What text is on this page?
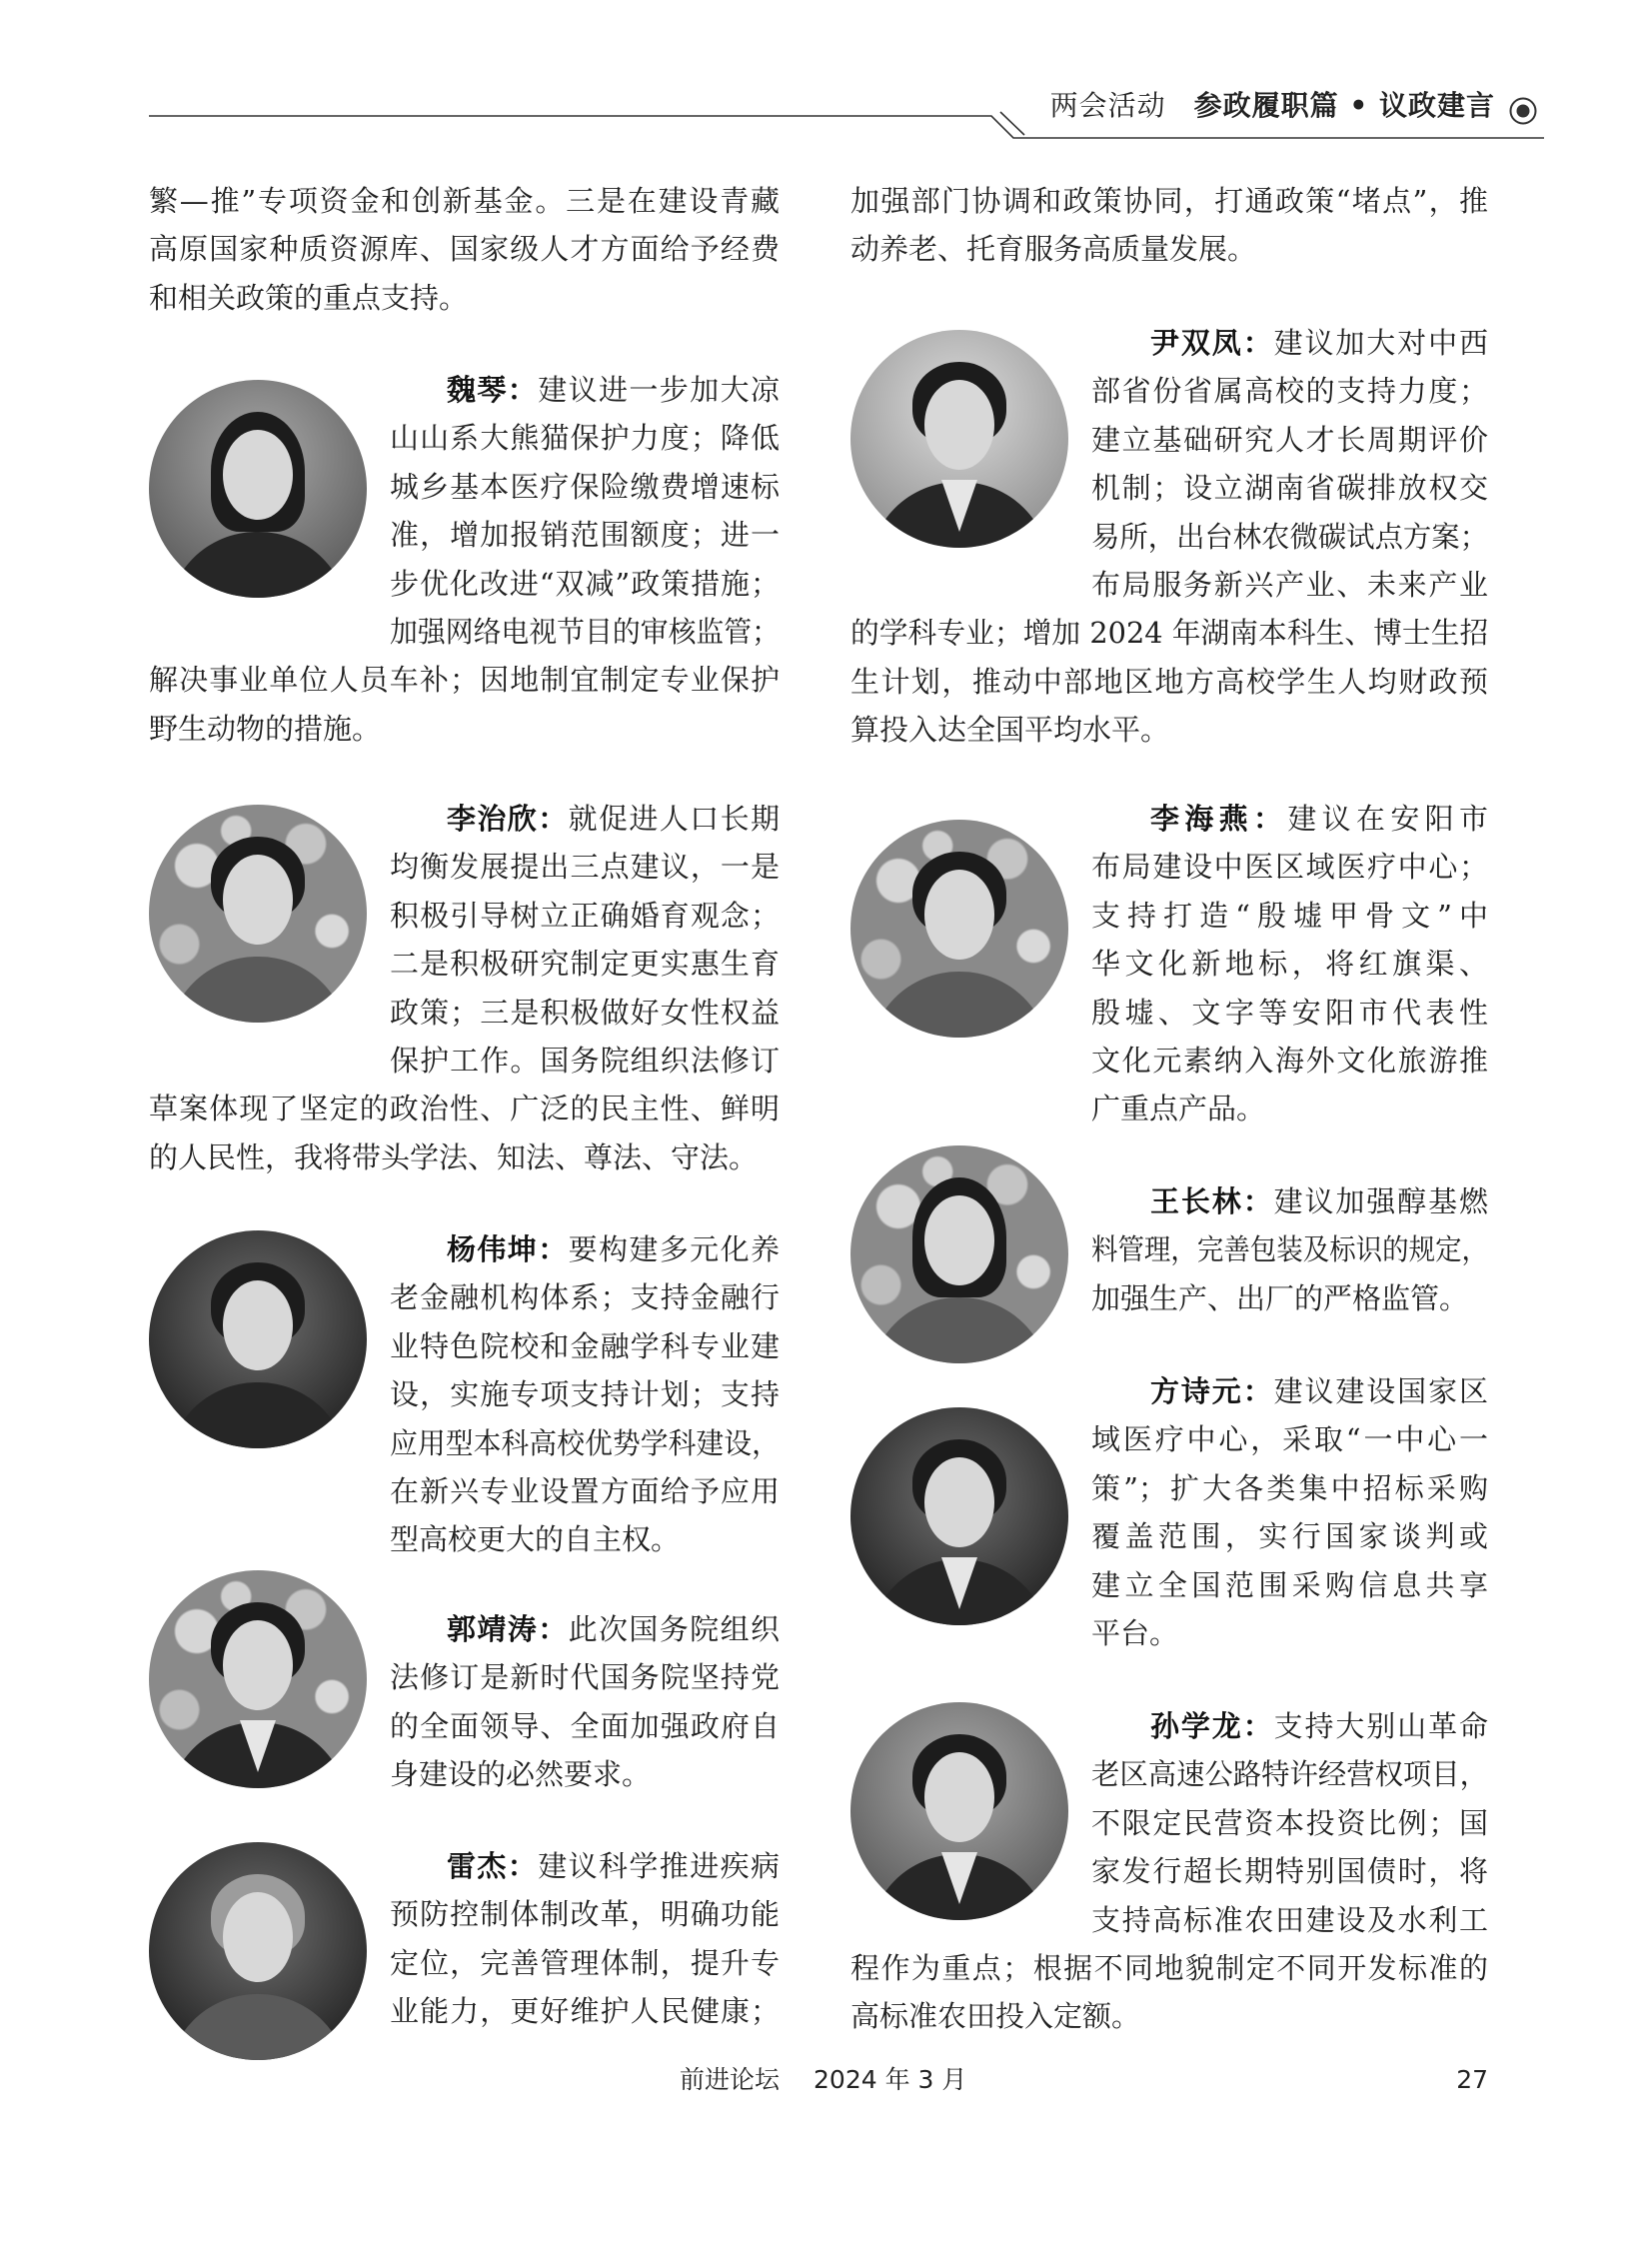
两会活动 参政履职篇 • 议政建言
繁—推”专项资金和创新基金。三是在建设青藏
高原国家种质资源库、国家级人才方面给予经费
和相关政策的重点支持。
魏琴：建议进一步加大凉
山山系大熊猫保护力度；降低
城乡基本医疗保险缴费增速标
准，增加报销范围额度；进一
步优化改进“双减”政策措施；
加强网络电视节目的审核监管；
解决事业单位人员车补；因地制宜制定专业保护
野生动物的措施。
李治欣：就促进人口长期
均衡发展提出三点建议，一是
积极引导树立正确婚育观念；
二是积极研究制定更实惠生育
政策；三是积极做好女性权益
保护工作。国务院组织法修订
草案体现了坚定的政治性、广泛的民主性、鲜明
的人民性，我将带头学法、知法、尊法、守法。
杨伟坤：要构建多元化养
老金融机构体系；支持金融行
业特色院校和金融学科专业建
设，实施专项支持计划；支持
应用型本科高校优势学科建设，
在新兴专业设置方面给予应用
型高校更大的自主权。
郭靖涛：此次国务院组织
法修订是新时代国务院坚持党
的全面领导、全面加强政府自
身建设的必然要求。
雷杰：建议科学推进疾病
预防控制体制改革，明确功能
定位，完善管理体制，提升专
业能力，更好维护人民健康；
加强部门协调和政策协同，打通政策“堵点”，推
动养老、托育服务高质量发展。
尹双凤：建议加大对中西
部省份省属高校的支持力度；
建立基础研究人才长周期评价
机制；设立湖南省碳排放权交
易所，出台林农微碳试点方案；
布局服务新兴产业、未来产业
的学科专业；增加 2024 年湖南本科生、博士生招
生计划，推动中部地区地方高校学生人均财政预
算投入达全国平均水平。
李海燕：建议在安阳市
布局建设中医区域医疗中心；
支持打造“殷墟甲骨文”中
华文化新地标，将红旗渠、
殷墟、文字等安阳市代表性
文化元素纳入海外文化旅游推
广重点产品。
王长林：建议加强醇基燃
料管理，完善包装及标识的规定，
加强生产、出厂的严格监管。
方诗元：建议建设国家区
域医疗中心，采取“一中心一
策”；扩大各类集中招标采购
覆盖范围，实行国家谈判或
建立全国范围采购信息共享
平台。
孙学龙：支持大别山革命
老区高速公路特许经营权项目，
不限定民营资本投资比例；国
家发行超长期特别国债时，将
支持高标准农田建设及水利工
程作为重点；根据不同地貌制定不同开发标准的
高标准农田投入定额。
前进论坛 2024 年 3 月	27
